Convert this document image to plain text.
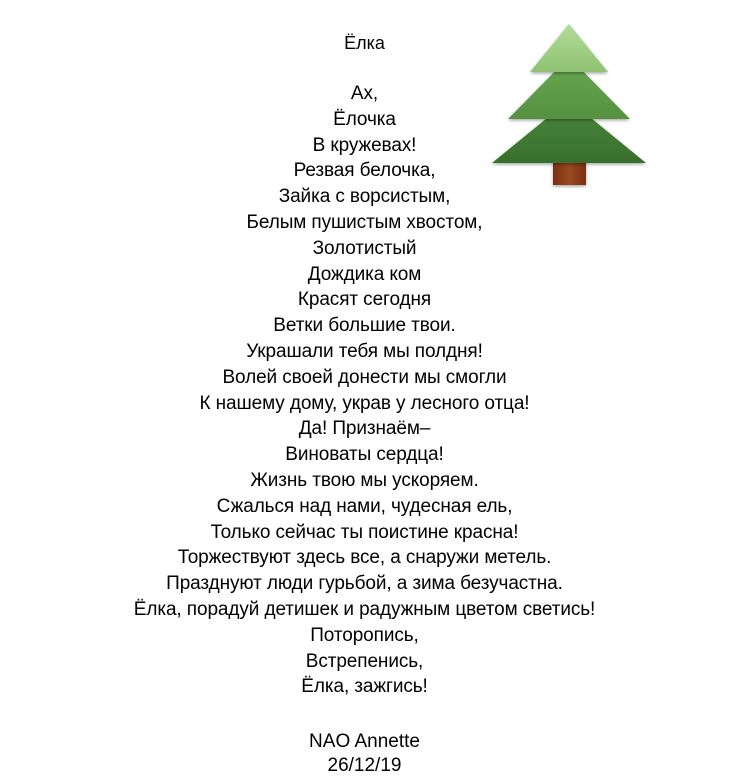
Ёлка
Ах,
Ёлочка
В кружевах!
Резвая белочка,
Зайка с ворсистым,
Белым пушистым хвостом,
Золотистый
Дождика ком
Красят сегодня
Ветки большие твои.
Украшали тебя мы полдня!
Волей своей донести мы смогли
К нашему дому, украв у лесного отца!
Да! Признаём–
Виноваты сердца!
Жизнь твою мы ускоряем.
Сжалься над нами, чудесная ель,
Только сейчас ты поистине красна!
Торжествуют здесь все, а снаружи метель.
Празднуют люди гурьбой, а зима безучастна.
Ёлка, порадуй детишек и радужным цветом светись!
Поторопись,
Встрепенись,
Ёлка, зажгись!
NAO Annette
26/12/19
